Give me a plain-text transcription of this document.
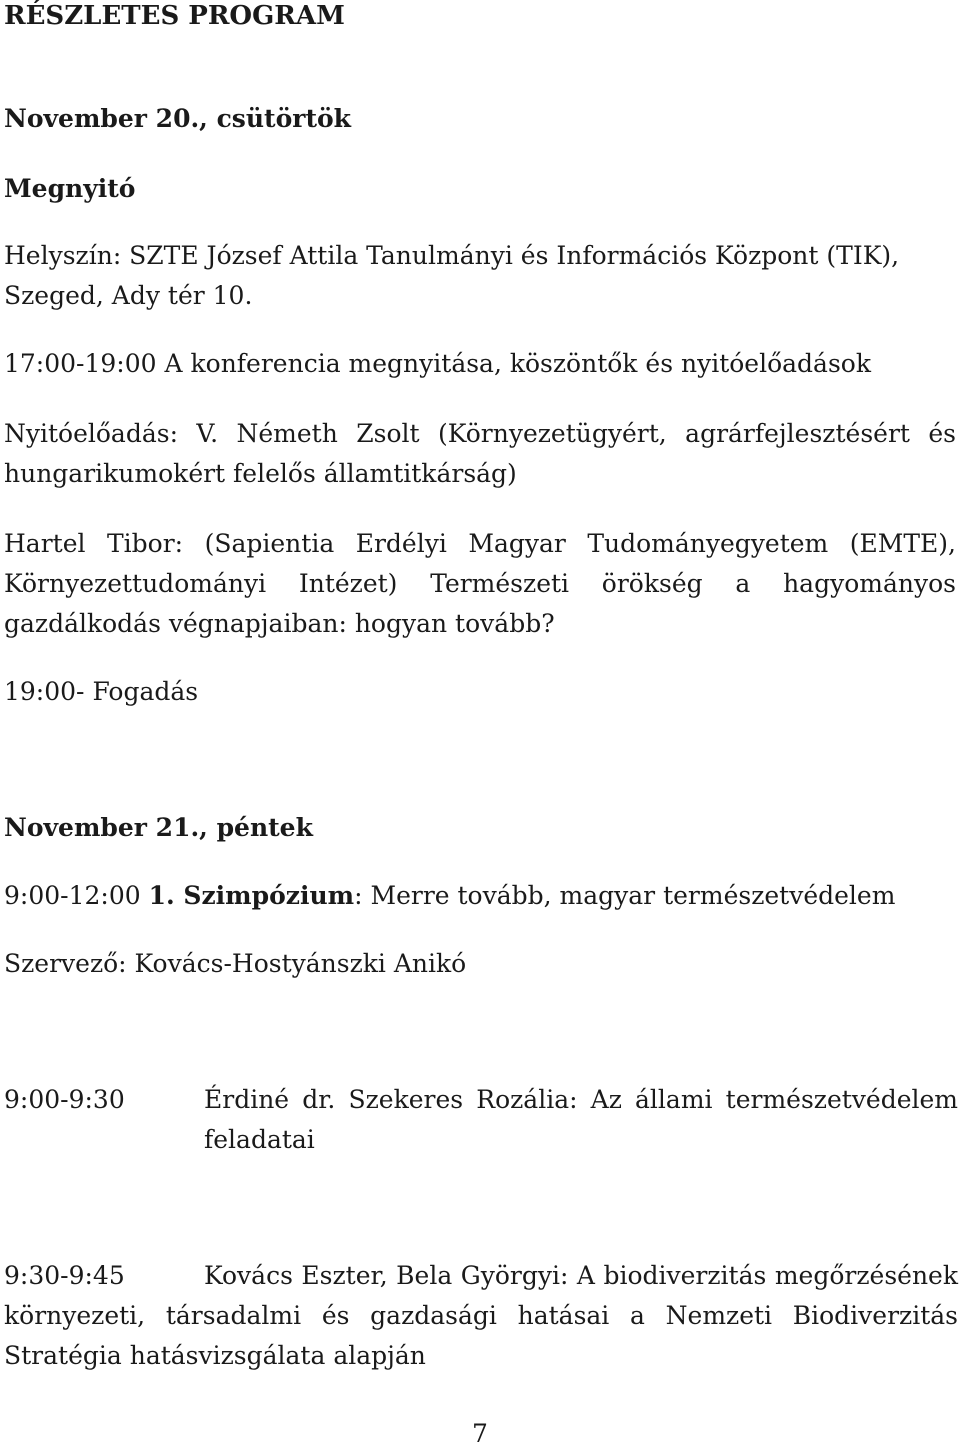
RÉSZLETES PROGRAM
November 20., csütörtök
Megnyitó
Helyszín: SZTE József Attila Tanulmányi és Információs Központ (TIK),
Szeged, Ady tér 10.
17:00-19:00 A konferencia megnyitása, köszöntők és nyitóelőadások
Nyitóelőadás: V. Németh Zsolt (Környezetügyért, agrárfejlesztésért és hungarikumokért felelős államtitkárság)
Hartel Tibor: (Sapientia Erdélyi Magyar Tudományegyetem (EMTE), Környezettudományi Intézet) Természeti örökség a hagyományos gazdálkodás végnapjaiban: hogyan tovább?
19:00- Fogadás
November 21., péntek
9:00-12:00 1. Szimpózium: Merre tovább, magyar természetvédelem
Szervező: Kovács-Hostyánszki Anikó
9:00-9:30	Érdiné dr. Szekeres Rozália: Az állami természetvédelem feladatai
9:30-9:45	Kovács Eszter, Bela Györgyi: A biodiverzitás megőrzésének környezeti, társadalmi és gazdasági hatásai a Nemzeti Biodiverzitás Stratégia hatásvizsgálata alapján
7
